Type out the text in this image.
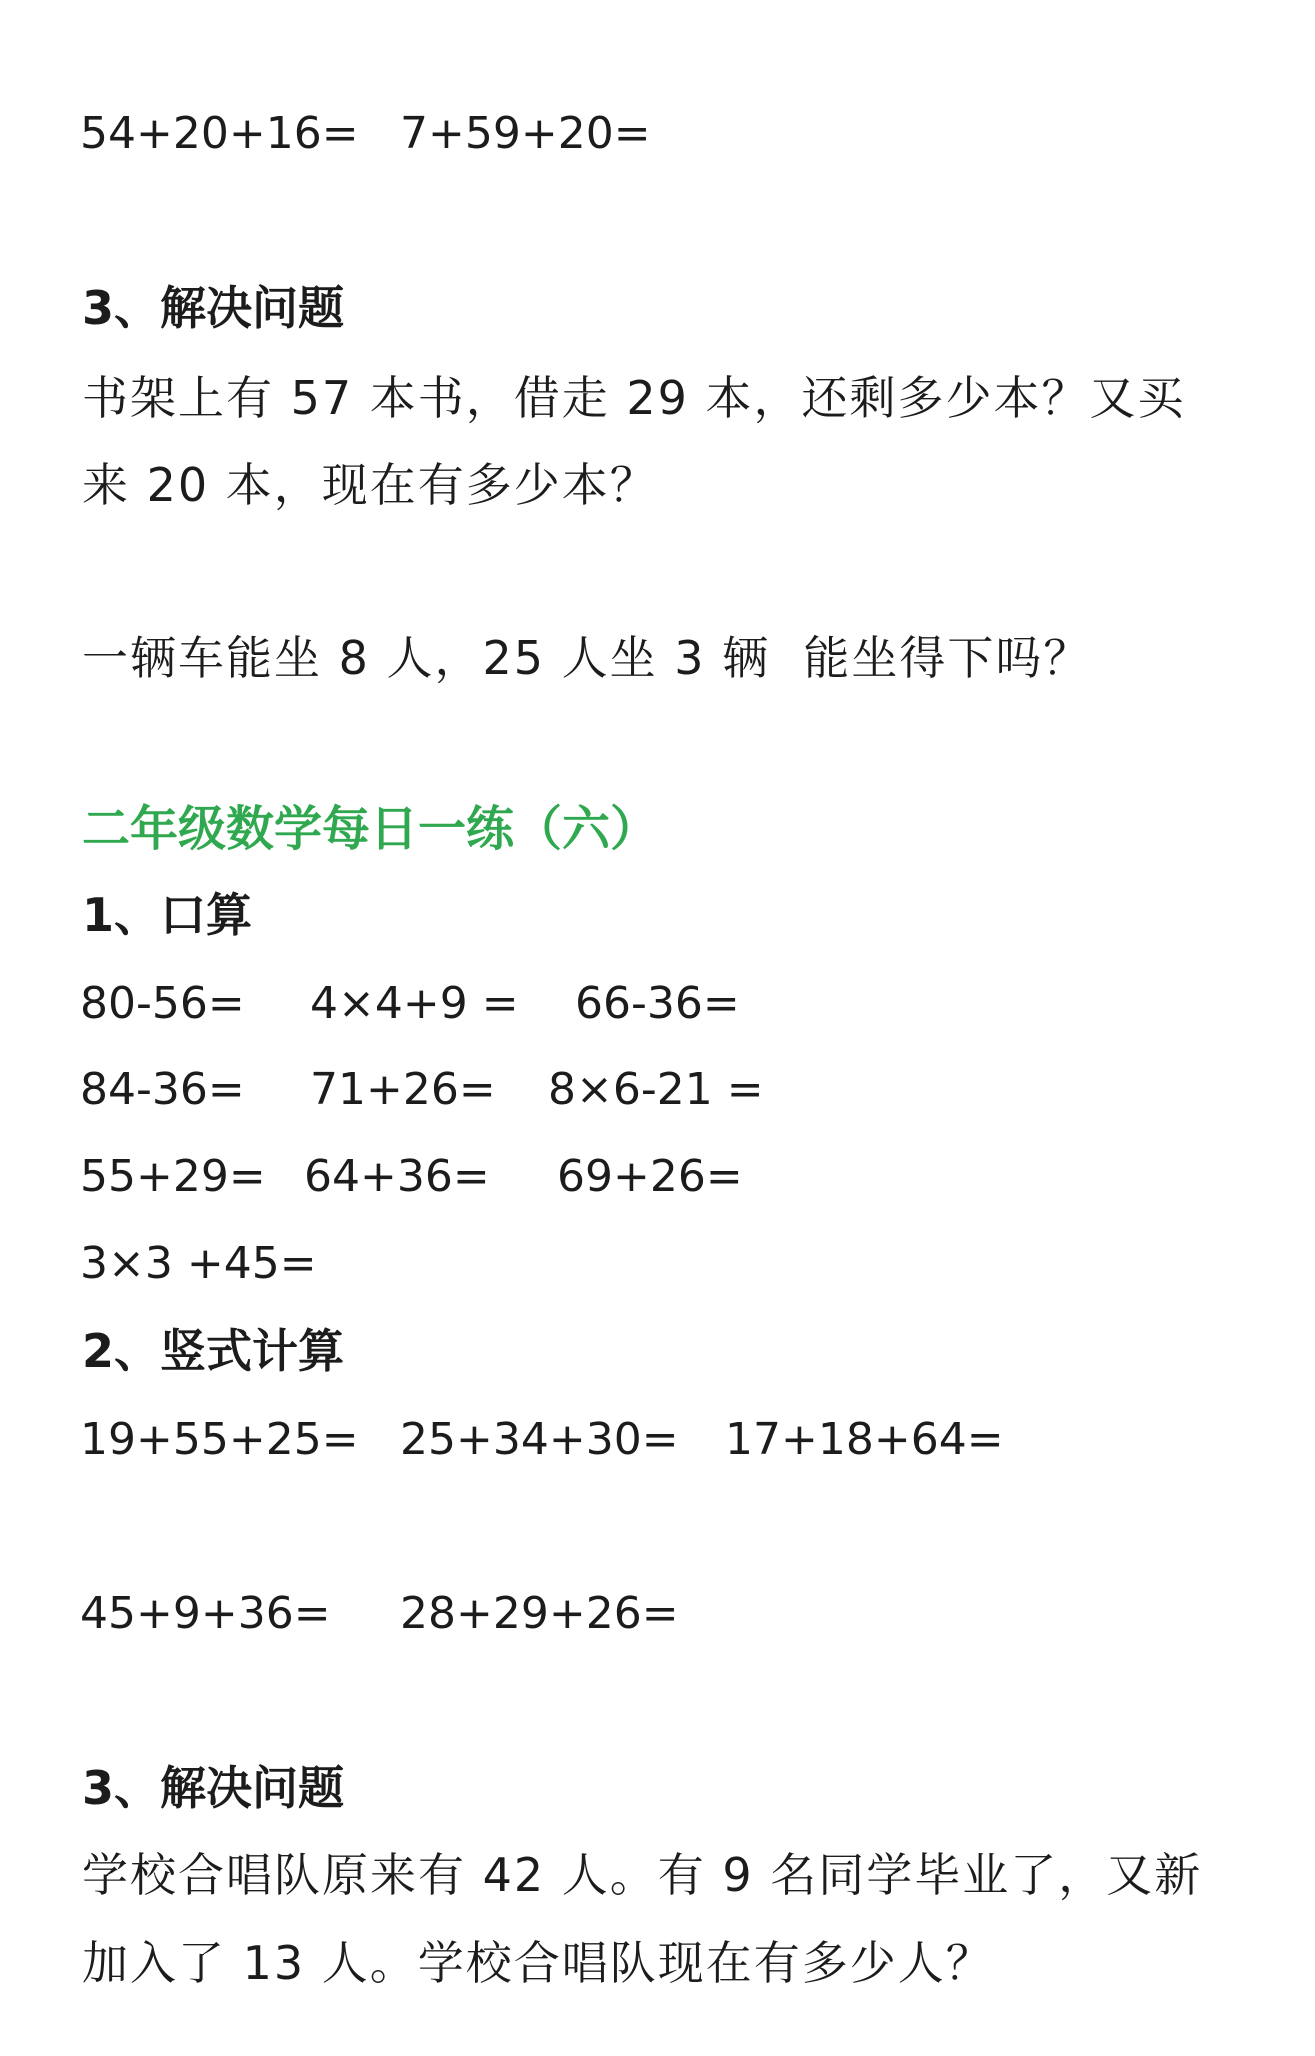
54+20+16= 7+59+20=
3、解决问题
书架上有 57 本书，借走 29 本，还剩多少本？又买
来 20 本，现在有多少本？
一辆车能坐 8 人，25 人坐 3 辆  能坐得下吗？
二年级数学每日一练（六）
1、口算
80-56= 4×4+9 = 66-36=
84-36= 71+26= 8×6-21 =
55+29= 64+36= 69+26=
3×3 +45=
2、竖式计算
19+55+25= 25+34+30= 17+18+64=
45+9+36= 28+29+26=
3、解决问题
学校合唱队原来有 42 人。有 9 名同学毕业了，又新
加入了 13 人。学校合唱队现在有多少人？
